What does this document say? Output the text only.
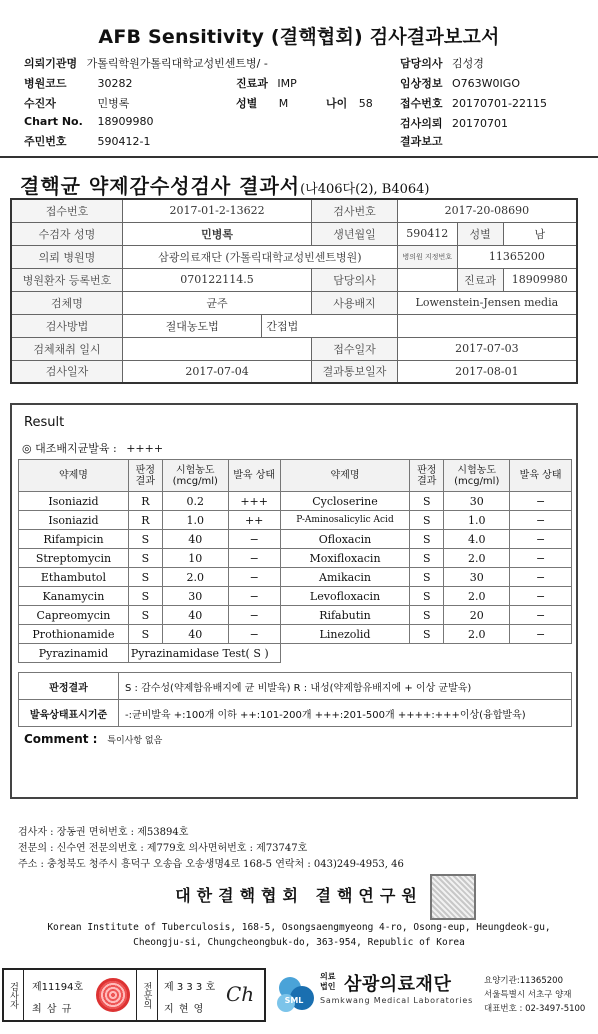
AFB Sensitivity (결핵협회) 검사결과보고서
의뢰기관명 가톨릭학원가톨릭대학교성빈센트병/ -	담당의사 김성경
병원코드	30282	진료과 IMP	임상정보 O763W0IGO
수진자	민병록	성별 M	나이 58 접수번호 20170701-22115
Chart No. 18909980	검사의뢰 20170701
주민번호	590412-1	결과보고
결핵균 약제감수성검사 결과서(나406다(2), B4064)
접수번호	2017-01-2-13622		검사번호	2017-20-08690		
수검자 성명	민병록		생년월일	590412	성별	남
의뢰 병원명	삼광의료재단 (가톨릭대학교성빈센트병원)			병의원 지정번호	11365200	
병원환자 등록번호	070122114.5		담당의사		진료과	18909980
검체명	균주		사용배지	Lowenstein-Jensen media		
검사방법	절대농도법	간접법				
검체채취 일시			접수일자	2017-07-03		
검사일자	2017-07-04		결과통보일자	2017-08-01		
Result
◎ 대조배지균발육 : ++++
약제명	판정 결과	시험농도 (mcg/ml)	발육 상태	약제명	판정 결과	시험농도 (mcg/ml)	발육 상태
Isoniazid	R	0.2	+++	Cycloserine	S	30	−
Isoniazid	R	1.0	++	P-Aminosalicylic Acid	S	1.0	−
Rifampicin	S	40	−	Ofloxacin	S	4.0	−
Streptomycin	S	10	−	Moxifloxacin	S	2.0	−
Ethambutol	S	2.0	−	Amikacin	S	30	−
Kanamycin	S	30	−	Levofloxacin	S	2.0	−
Capreomycin	S	40	−	Rifabutin	S	20	−
Prothionamide	S	40	−	Linezolid	S	2.0	−
Pyrazinamid	Pyrazinamidase Test( S )						
판정결과	S : 감수성(약제함유배지에 균 비발육) R : 내성(약제함유배지에 + 이상 균발육)
발육상태표시기준	-:균비발육 +:100개 이하 ++:101-200개 +++:201-500개 ++++:+++이상(융합발육)
Comment : 특이사항 없음
검사자 : 장동권 면허번호 : 제53894호
전문의 : 신수연 전문의번호 : 제779호 의사면허번호 : 제73747호
주소 : 충청북도 청주시 흥덕구 오송읍 오송생명4로 168-5 연락처 : 043)249-4953, 46
대한결핵협회 결핵연구원
Korean Institute of Tuberculosis, 168-5, Osongsaengmyeong 4-ro, Osong-eup, Heungdeok-gu,
Cheongju-si, Chungcheongbuk-do, 363-954, Republic of Korea
검사자	제11194호
최 삼 규
전문의	제 3 3 3 호
지 현 영
Ch	SML
의료
법인 삼광의료재단
Samkwang Medical Laboratories
요양기관:11365200
서울특별시 서초구 양재
대표번호 : 02-3497-5100
